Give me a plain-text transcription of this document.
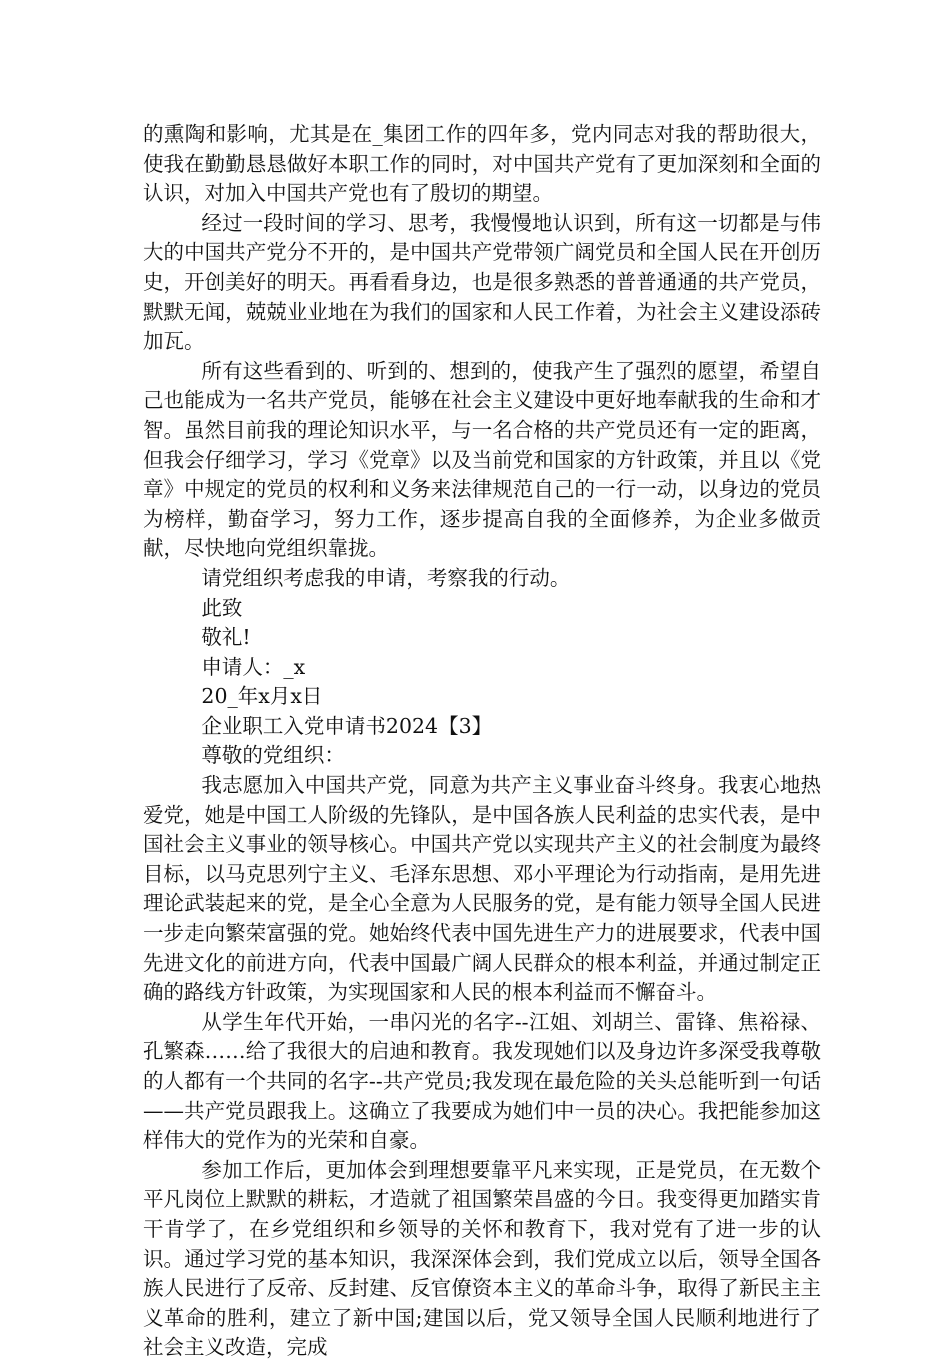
的熏陶和影响，尤其是在_集团工作的四年多，党内同志对我的帮助很大，使我在勤勤恳恳做好本职工作的同时，对中国共产党有了更加深刻和全面的认识，对加入中国共产党也有了殷切的期望。

经过一段时间的学习、思考，我慢慢地认识到，所有这一切都是与伟大的中国共产党分不开的，是中国共产党带领广阔党员和全国人民在开创历史，开创美好的明天。再看看身边，也是很多熟悉的普普通通的共产党员，默默无闻，兢兢业业地在为我们的国家和人民工作着，为社会主义建设添砖加瓦。

所有这些看到的、听到的、想到的，使我产生了强烈的愿望，希望自己也能成为一名共产党员，能够在社会主义建设中更好地奉献我的生命和才智。虽然目前我的理论知识水平，与一名合格的共产党员还有一定的距离，但我会仔细学习，学习《党章》以及当前党和国家的方针政策，并且以《党章》中规定的党员的权利和义务来法律规范自己的一行一动，以身边的党员为榜样，勤奋学习，努力工作，逐步提高自我的全面修养，为企业多做贡献，尽快地向党组织靠拢。

请党组织考虑我的申请，考察我的行动。

此致

敬礼!

申请人：_x

20_年x月x日

企业职工入党申请书2024【3】

尊敬的党组织：

我志愿加入中国共产党，同意为共产主义事业奋斗终身。我衷心地热爱党，她是中国工人阶级的先锋队，是中国各族人民利益的忠实代表，是中国社会主义事业的领导核心。中国共产党以实现共产主义的社会制度为最终目标，以马克思列宁主义、毛泽东思想、邓小平理论为行动指南，是用先进理论武装起来的党，是全心全意为人民服务的党，是有能力领导全国人民进一步走向繁荣富强的党。她始终代表中国先进生产力的进展要求，代表中国先进文化的前进方向，代表中国最广阔人民群众的根本利益，并通过制定正确的路线方针政策，为实现国家和人民的根本利益而不懈奋斗。

从学生年代开始，一串闪光的名字--江姐、刘胡兰、雷锋、焦裕禄、孔繁森……给了我很大的启迪和教育。我发现她们以及身边许多深受我尊敬的人都有一个共同的名字--共产党员;我发现在最危险的关头总能听到一句话——共产党员跟我上。这确立了我要成为她们中一员的决心。我把能参加这样伟大的党作为的光荣和自豪。

参加工作后，更加体会到理想要靠平凡来实现，正是党员，在无数个平凡岗位上默默的耕耘，才造就了祖国繁荣昌盛的今日。我变得更加踏实肯干肯学了，在乡党组织和乡领导的关怀和教育下，我对党有了进一步的认识。通过学习党的基本知识，我深深体会到，我们党成立以后，领导全国各族人民进行了反帝、反封建、反官僚资本主义的革命斗争，取得了新民主主义革命的胜利，建立了新中国;建国以后，党又领导全国人民顺利地进行了社会主义改造，完成
